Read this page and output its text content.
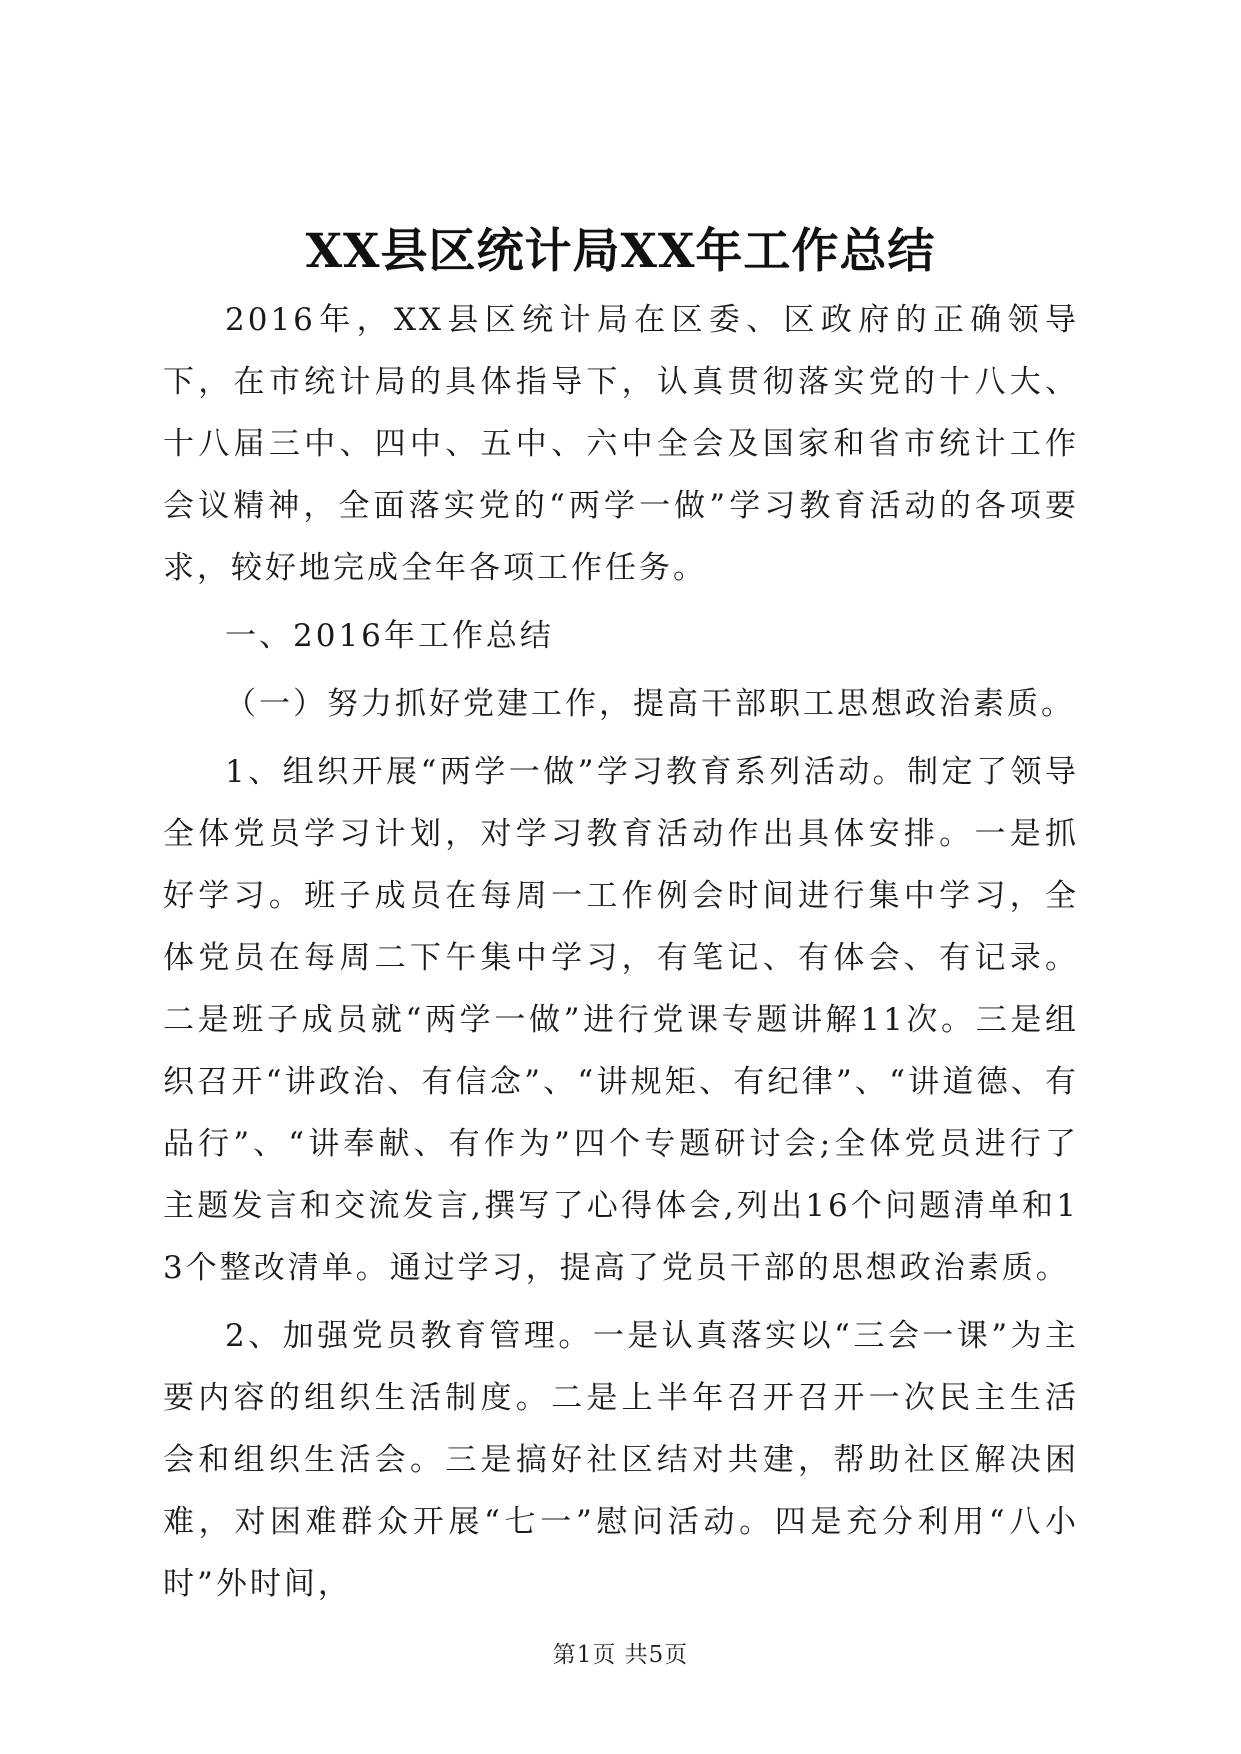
XX县区统计局XX年工作总结

2016年，XX县区统计局在区委、区政府的正确领导下，在市统计局的具体指导下，认真贯彻落实党的十八大、十八届三中、四中、五中、六中全会及国家和省市统计工作会议精神，全面落实党的“两学一做”学习教育活动的各项要求，较好地完成全年各项工作任务。

一、2016年工作总结

（一）努力抓好党建工作，提高干部职工思想政治素质。

1、组织开展“两学一做”学习教育系列活动。制定了领导全体党员学习计划，对学习教育活动作出具体安排。一是抓好学习。班子成员在每周一工作例会时间进行集中学习，全体党员在每周二下午集中学习，有笔记、有体会、有记录。二是班子成员就“两学一做”进行党课专题讲解11次。三是组织召开“讲政治、有信念”、“讲规矩、有纪律”、“讲道德、有品行”、“讲奉献、有作为”四个专题研讨会;全体党员进行了主题发言和交流发言,撰写了心得体会,列出16个问题清单和13个整改清单。通过学习，提高了党员干部的思想政治素质。

2、加强党员教育管理。一是认真落实以“三会一课”为主要内容的组织生活制度。二是上半年召开召开一次民主生活会和组织生活会。三是搞好社区结对共建，帮助社区解决困难，对困难群众开展“七一”慰问活动。四是充分利用“八小时”外时间，

第1页 共5页
